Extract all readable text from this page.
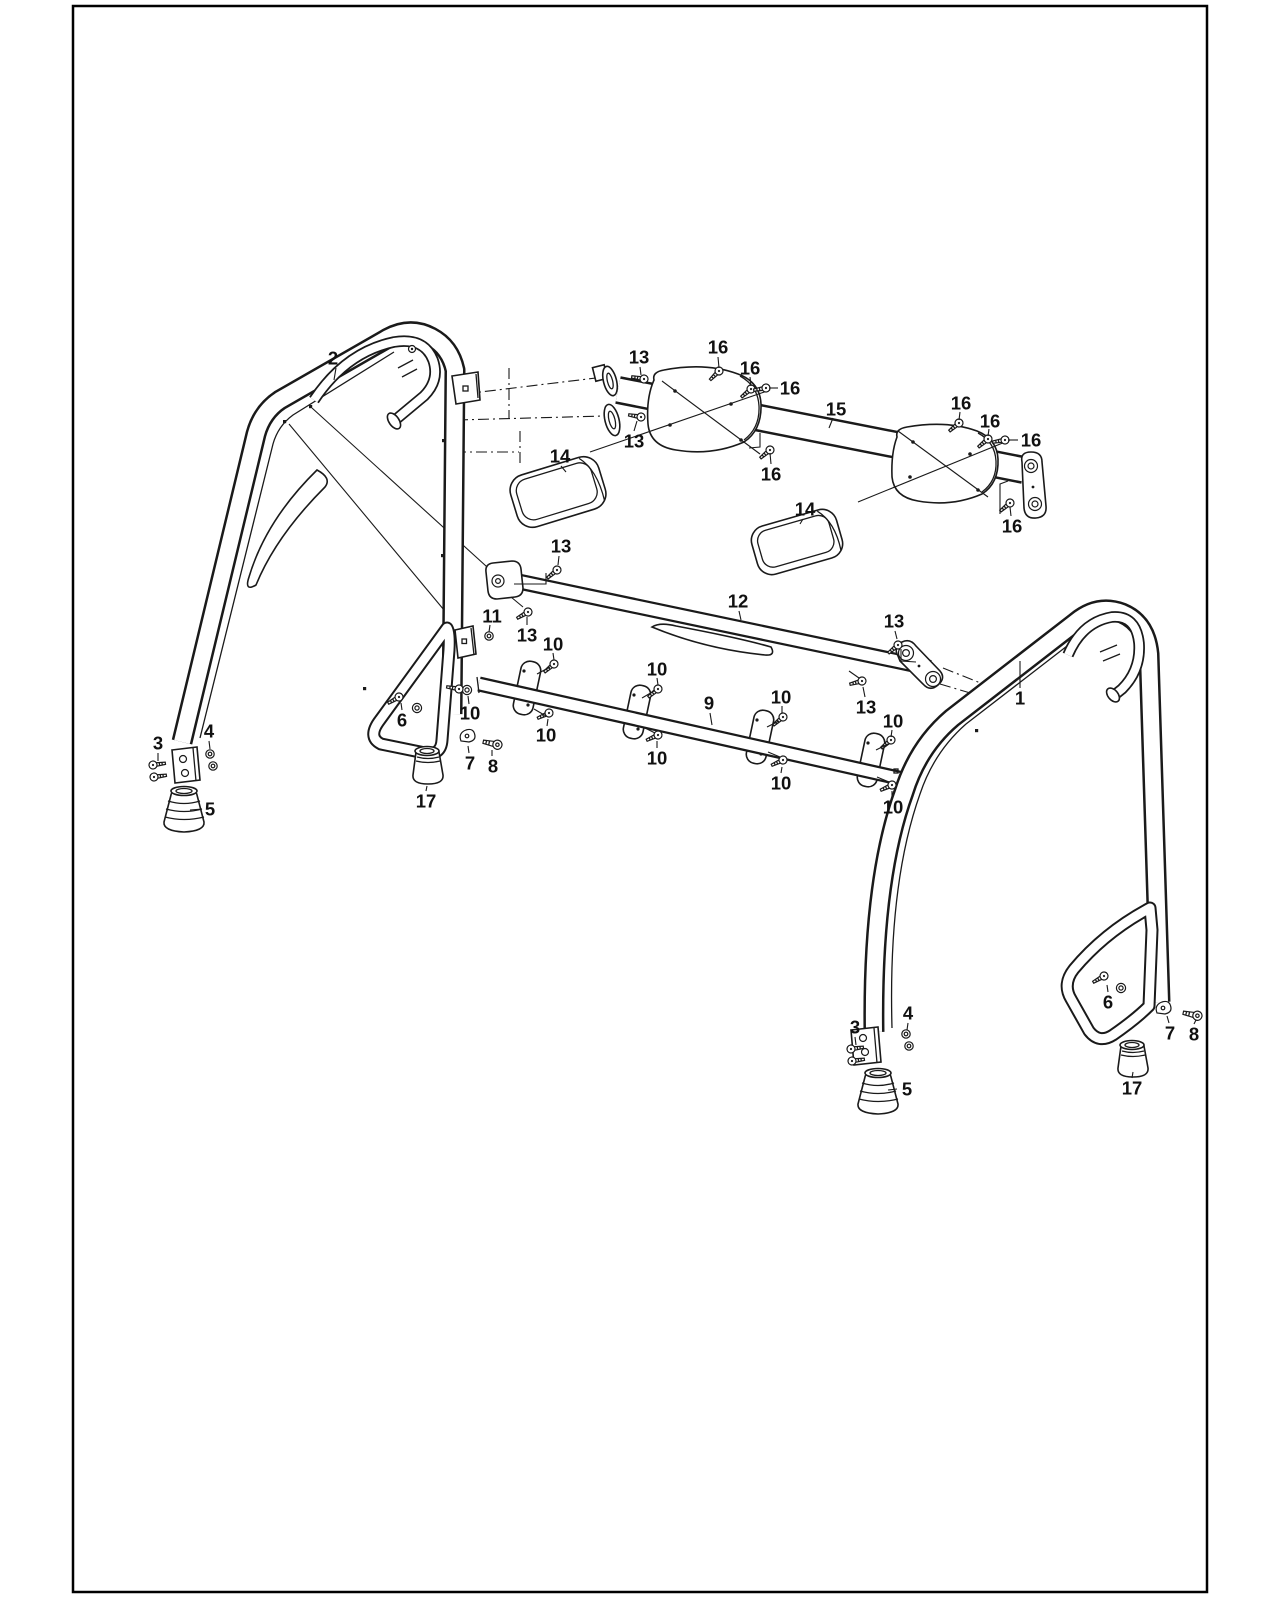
2	13	16
16
16
15	16
16
16
13
16
16
14
14
13
13
12
13
11
10
10
13
10
10
9	10
10
10
6
3
4
7 8
10
17	10
5
1
3
4
6
7 8
5	17
